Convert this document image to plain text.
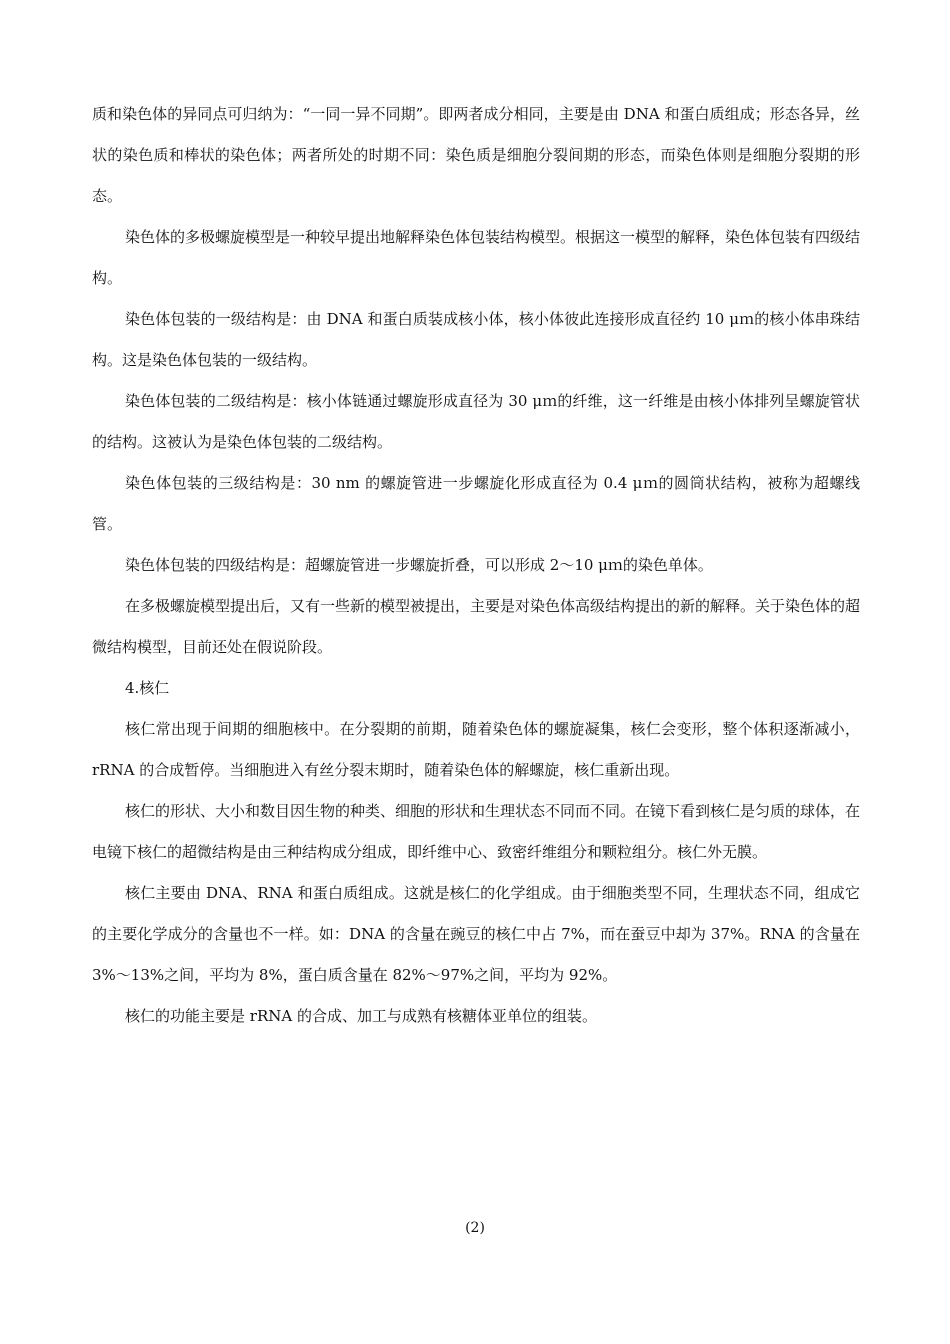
质和染色体的异同点可归纳为：“一同一异不同期”。即两者成分相同，主要是由 DNA 和蛋白质组成；形态各异，丝状的染色质和棒状的染色体；两者所处的时期不同：染色质是细胞分裂间期的形态，而染色体则是细胞分裂期的形态。

染色体的多极螺旋模型是一种较早提出地解释染色体包装结构模型。根据这一模型的解释，染色体包装有四级结构。

染色体包装的一级结构是：由 DNA 和蛋白质装成核小体，核小体彼此连接形成直径约 10 μｍ的核小体串珠结构。这是染色体包装的一级结构。

染色体包装的二级结构是：核小体链通过螺旋形成直径为 30 μｍ的纤维，这一纤维是由核小体排列呈螺旋管状的结构。这被认为是染色体包装的二级结构。

染色体包装的三级结构是：30 nm 的螺旋管进一步螺旋化形成直径为 0.4 μｍ的圆筒状结构，被称为超螺线管。

染色体包装的四级结构是：超螺旋管进一步螺旋折叠，可以形成 2～10 μｍ的染色单体。

在多极螺旋模型提出后，又有一些新的模型被提出，主要是对染色体高级结构提出的新的解释。关于染色体的超微结构模型，目前还处在假说阶段。

4.核仁

核仁常出现于间期的细胞核中。在分裂期的前期，随着染色体的螺旋凝集，核仁会变形，整个体积逐渐减小，rRNA 的合成暂停。当细胞进入有丝分裂末期时，随着染色体的解螺旋，核仁重新出现。

核仁的形状、大小和数目因生物的种类、细胞的形状和生理状态不同而不同。在镜下看到核仁是匀质的球体，在电镜下核仁的超微结构是由三种结构成分组成，即纤维中心、致密纤维组分和颗粒组分。核仁外无膜。

核仁主要由 DNA、RNA 和蛋白质组成。这就是核仁的化学组成。由于细胞类型不同，生理状态不同，组成它的主要化学成分的含量也不一样。如：DNA 的含量在豌豆的核仁中占 7%，而在蚕豆中却为 37%。RNA 的含量在 3%～13%之间，平均为 8%，蛋白质含量在 82%～97%之间，平均为 92%。

核仁的功能主要是 rRNA 的合成、加工与成熟有核糖体亚单位的组装。

(2)
